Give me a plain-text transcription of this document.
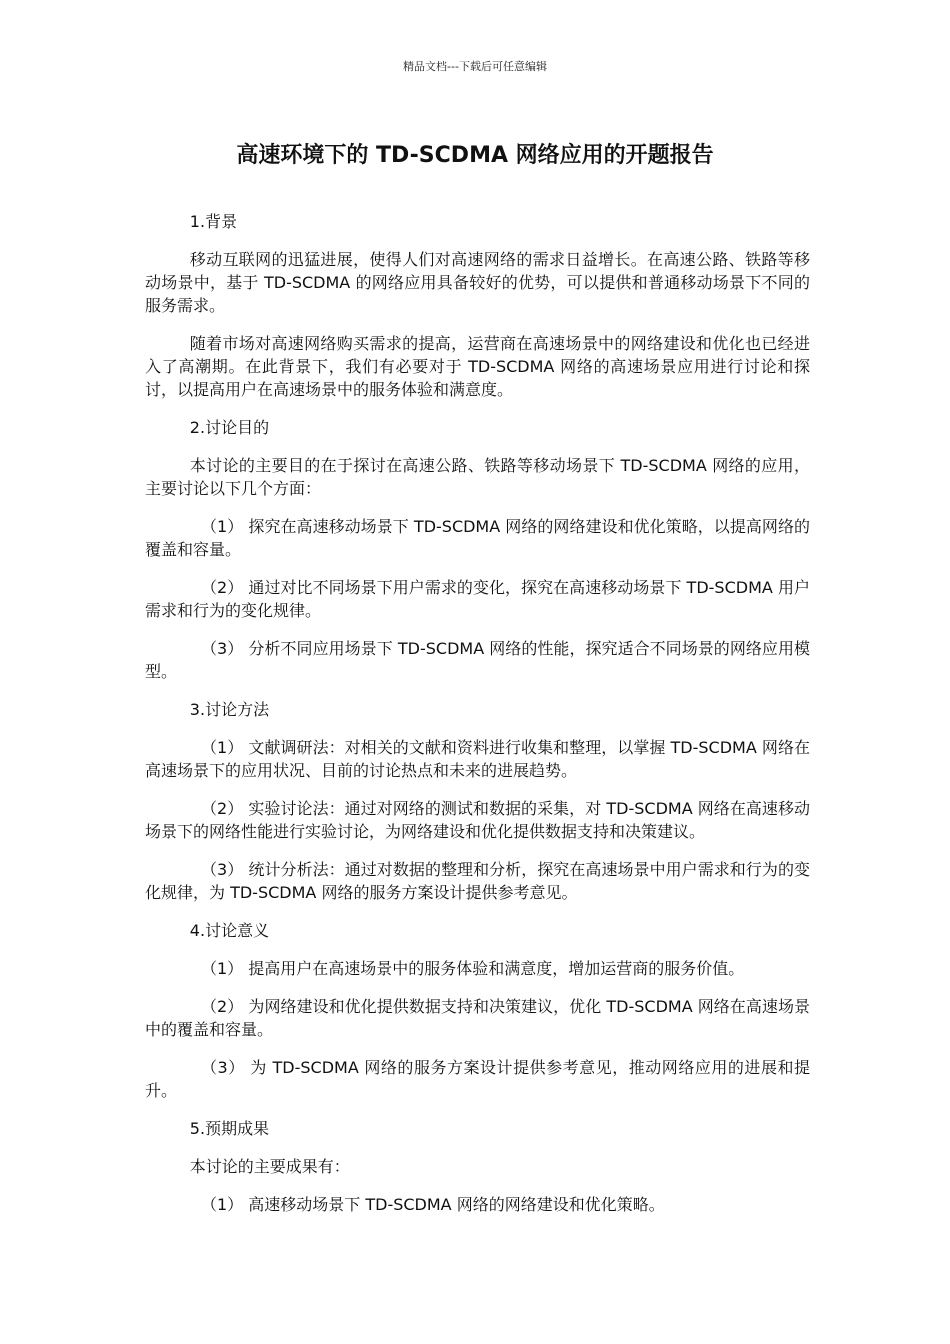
精品文档---下载后可任意编辑
高速环境下的 TD-SCDMA 网络应用的开题报告

1.背景

移动互联网的迅猛进展，使得人们对高速网络的需求日益增长。在高速公路、铁路等移动场景中，基于 TD-SCDMA 的网络应用具备较好的优势，可以提供和普通移动场景下不同的服务需求。

随着市场对高速网络购买需求的提高，运营商在高速场景中的网络建设和优化也已经进入了高潮期。在此背景下，我们有必要对于 TD-SCDMA 网络的高速场景应用进行讨论和探讨，以提高用户在高速场景中的服务体验和满意度。

2.讨论目的

本讨论的主要目的在于探讨在高速公路、铁路等移动场景下 TD-SCDMA 网络的应用，主要讨论以下几个方面：

（1） 探究在高速移动场景下 TD-SCDMA 网络的网络建设和优化策略，以提高网络的覆盖和容量。

（2） 通过对比不同场景下用户需求的变化，探究在高速移动场景下 TD-SCDMA 用户需求和行为的变化规律。

（3） 分析不同应用场景下 TD-SCDMA 网络的性能，探究适合不同场景的网络应用模型。

3.讨论方法

（1） 文献调研法：对相关的文献和资料进行收集和整理，以掌握 TD-SCDMA 网络在高速场景下的应用状况、目前的讨论热点和未来的进展趋势。

（2） 实验讨论法：通过对网络的测试和数据的采集，对 TD-SCDMA 网络在高速移动场景下的网络性能进行实验讨论，为网络建设和优化提供数据支持和决策建议。

（3） 统计分析法：通过对数据的整理和分析，探究在高速场景中用户需求和行为的变化规律，为 TD-SCDMA 网络的服务方案设计提供参考意见。

4.讨论意义

（1） 提高用户在高速场景中的服务体验和满意度，增加运营商的服务价值。

（2） 为网络建设和优化提供数据支持和决策建议，优化 TD-SCDMA 网络在高速场景中的覆盖和容量。

（3） 为 TD-SCDMA 网络的服务方案设计提供参考意见，推动网络应用的进展和提升。

5.预期成果

本讨论的主要成果有：

（1） 高速移动场景下 TD-SCDMA 网络的网络建设和优化策略。
